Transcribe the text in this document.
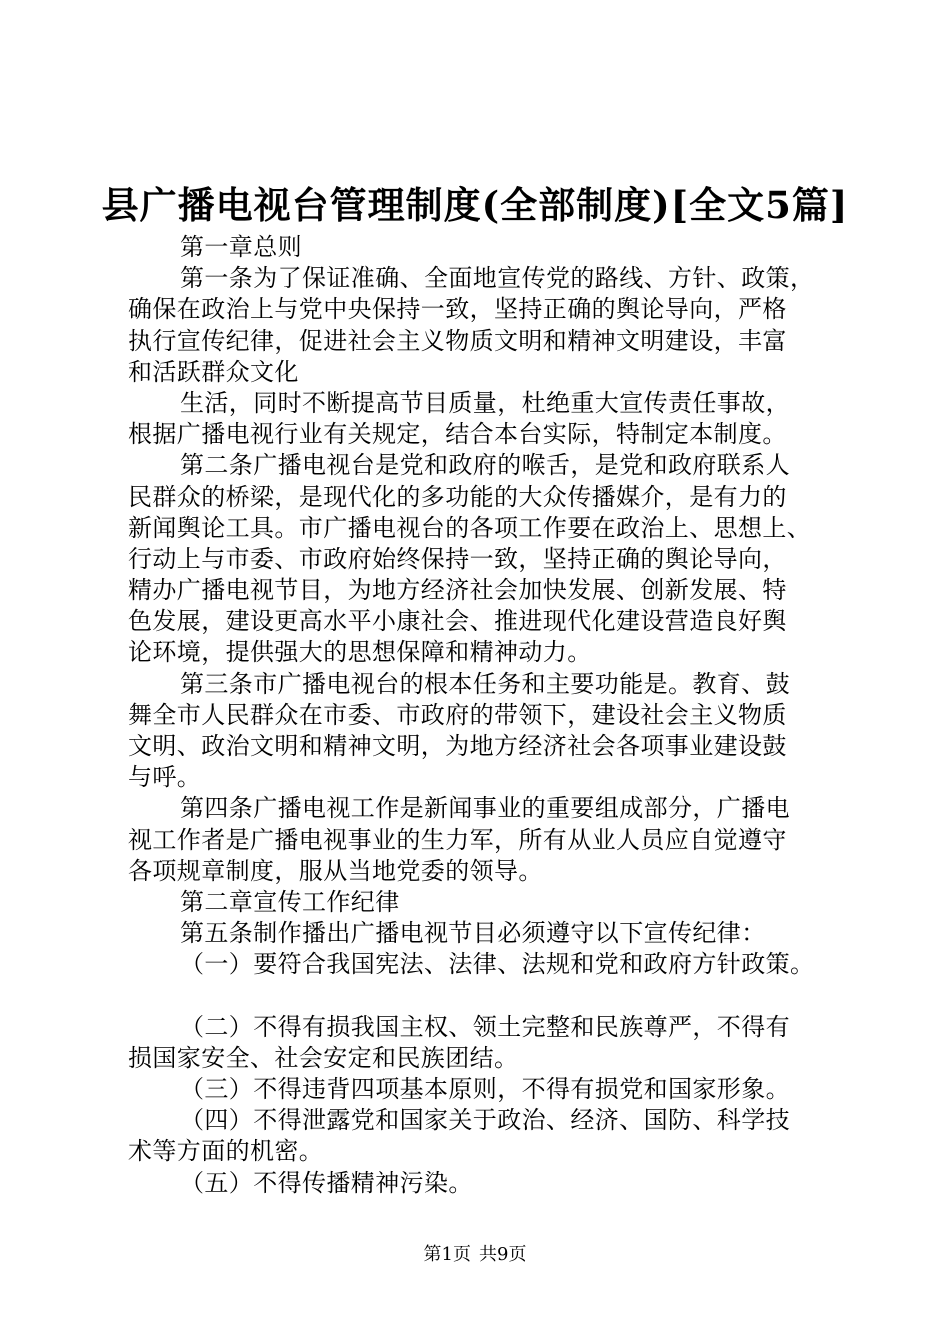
县广播电视台管理制度(全部制度)[全文5篇]
第一章总则
第一条为了保证准确、全面地宣传党的路线、方针、政策，
确保在政治上与党中央保持一致，坚持正确的舆论导向，严格
执行宣传纪律，促进社会主义物质文明和精神文明建设，丰富
和活跃群众文化
生活，同时不断提高节目质量，杜绝重大宣传责任事故，
根据广播电视行业有关规定，结合本台实际，特制定本制度。
第二条广播电视台是党和政府的喉舌，是党和政府联系人
民群众的桥梁，是现代化的多功能的大众传播媒介，是有力的
新闻舆论工具。市广播电视台的各项工作要在政治上、思想上、
行动上与市委、市政府始终保持一致，坚持正确的舆论导向，
精办广播电视节目，为地方经济社会加快发展、创新发展、特
色发展，建设更高水平小康社会、推进现代化建设营造良好舆
论环境，提供强大的思想保障和精神动力。
第三条市广播电视台的根本任务和主要功能是。教育、鼓
舞全市人民群众在市委、市政府的带领下，建设社会主义物质
文明、政治文明和精神文明，为地方经济社会各项事业建设鼓
与呼。
第四条广播电视工作是新闻事业的重要组成部分，广播电
视工作者是广播电视事业的生力军，所有从业人员应自觉遵守
各项规章制度，服从当地党委的领导。
第二章宣传工作纪律
第五条制作播出广播电视节目必须遵守以下宣传纪律：
（一）要符合我国宪法、法律、法规和党和政府方针政策。
（二）不得有损我国主权、领土完整和民族尊严，不得有
损国家安全、社会安定和民族团结。
（三）不得违背四项基本原则，不得有损党和国家形象。
（四）不得泄露党和国家关于政治、经济、国防、科学技
术等方面的机密。
（五）不得传播精神污染。
第1页 共9页
